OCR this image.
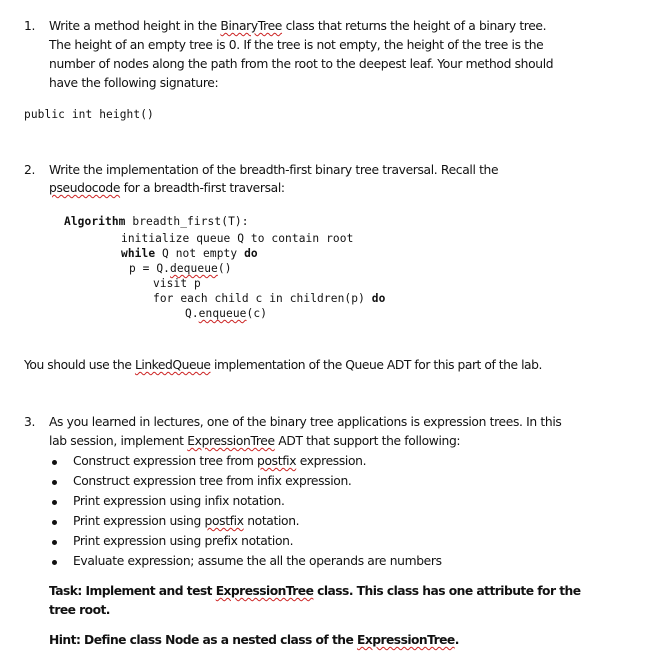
1. Write a method height in the BinaryTree class that returns the height of a binary tree.
The height of an empty tree is 0. If the tree is not empty, the height of the tree is the
number of nodes along the path from the root to the deepest leaf. Your method should
have the following signature:
public int height()
2. Write the implementation of the breadth-first binary tree traversal. Recall the
pseudocode for a breadth-first traversal:
Algorithm breadth_first(T):
initialize queue Q to contain root
while Q not empty do
p = Q.dequeue()
visit p
for each child c in children(p) do
Q.enqueue(c)
You should use the LinkedQueue implementation of the Queue ADT for this part of the lab.
3. As you learned in lectures, one of the binary tree applications is expression trees. In this
lab session, implement ExpressionTree ADT that support the following:
Construct expression tree from postfix expression.
Construct expression tree from infix expression.
Print expression using infix notation.
Print expression using postfix notation.
Print expression using prefix notation.
Evaluate expression; assume the all the operands are numbers
Task: Implement and test ExpressionTree class. This class has one attribute for the
tree root.
Hint: Define class Node as a nested class of the ExpressionTree.
